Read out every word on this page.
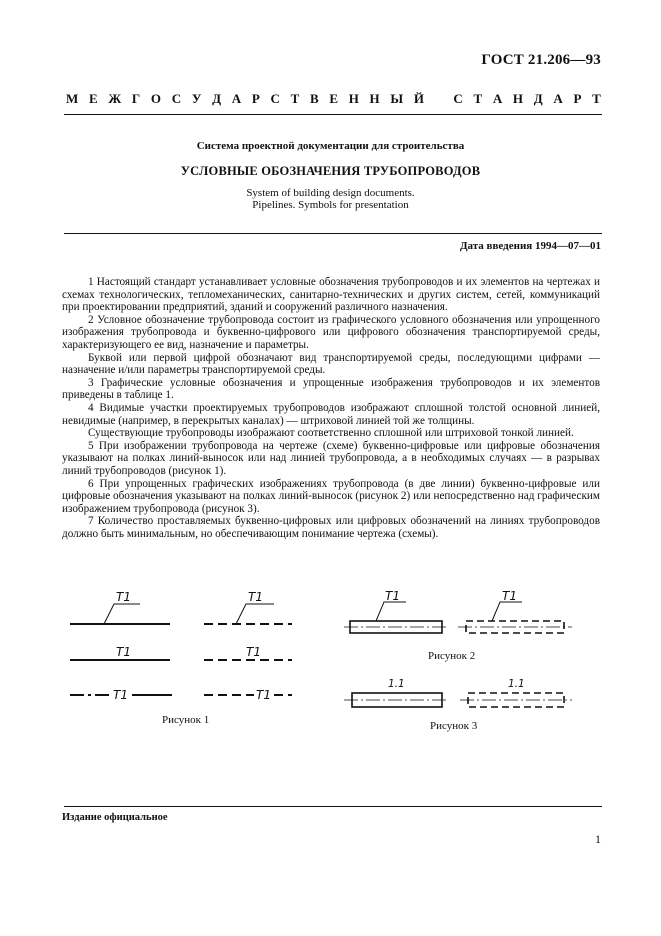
ГОСТ 21.206—93
М Е Ж Г О С У Д А Р С Т В Е Н Н Ы Й С Т А Н Д А Р Т
Система проектной документации для строительства
УСЛОВНЫЕ ОБОЗНАЧЕНИЯ ТРУБОПРОВОДОВ
System of building design documents.
Pipelines. Symbols for presentation
Дата введения 1994—07—01

1 Настоящий стандарт устанавливает условные обозначения трубопроводов и их элементов на чертежах и схемах технологических, тепломеханических, санитарно-технических и других систем, сетей, коммуникаций при проектировании предприятий, зданий и сооружений различного назначения.

2 Условное обозначение трубопровода состоит из графического условного обозначения или упрощенного изображения трубопровода и буквенно-цифрового или цифрового обозначения транспортируемой среды, характеризующего ее вид, назначение и параметры.

Буквой или первой цифрой обозначают вид транспортируемой среды, последующими цифрами — назначение и/или параметры транспортируемой среды.

3 Графические условные обозначения и упрощенные изображения трубопроводов и их элементов приведены в таблице 1.

4 Видимые участки проектируемых трубопроводов изображают сплошной толстой основной линией, невидимые (например, в перекрытых каналах) — штриховой линией той же толщины.

Существующие трубопроводы изображают соответственно сплошной или штриховой тонкой линией.

5 При изображении трубопровода на чертеже (схеме) буквенно-цифровые или цифровые обозначения указывают на полках линий-выносок или над линией трубопровода, а в необходимых случаях — в разрывах линий трубопроводов (рисунок 1).

6 При упрощенных графических изображениях трубопровода (в две линии) буквенно-цифровые или цифровые обозначения указывают на полках линий-выносок (рисунок 2) или непосредственно над графическим изображением трубопровода (рисунок 3).

7 Количество проставляемых буквенно-цифровых или цифровых обозначений на линиях трубопроводов должно быть минимальным, но обеспечивающим понимание чертежа (схемы).

Т1	Т1
Т1	Т1
Т1	Т1
Рисунок 1
Т1	Т1
Рисунок 2
1.1	1.1
Рисунок 3
Издание официальное
1
